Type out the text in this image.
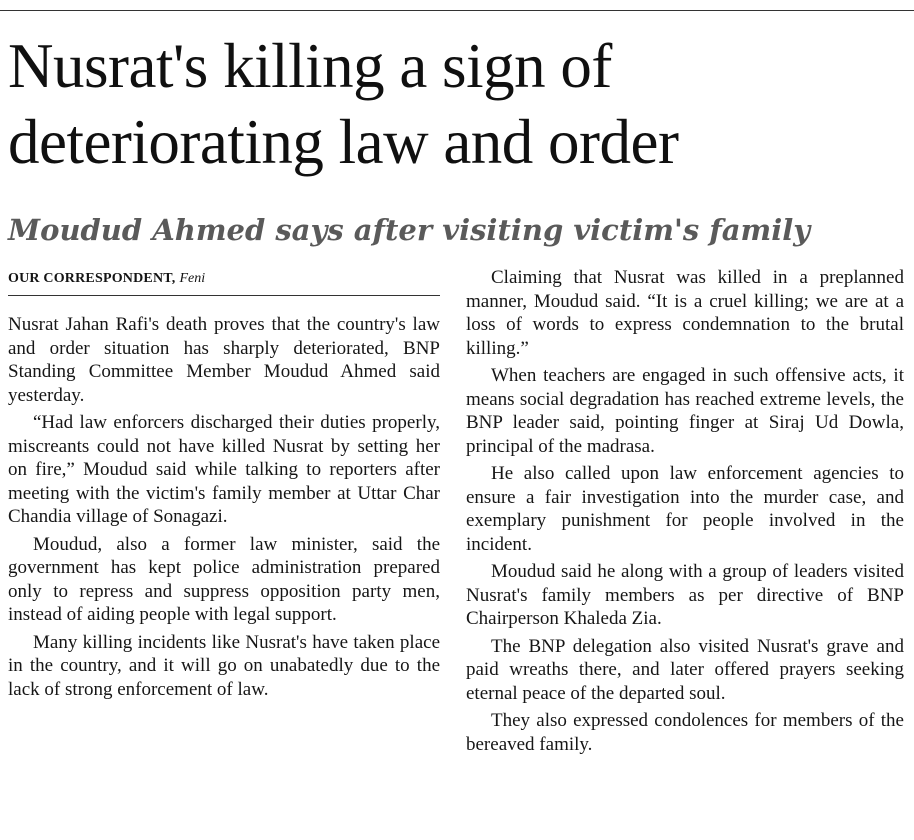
Nusrat's killing a sign of deteriorating law and order
Moudud Ahmed says after visiting victim's family
OUR CORRESPONDENT, Feni

Nusrat Jahan Rafi's death proves that the country's law and order situation has sharply deteriorated, BNP Standing Committee Member Moudud Ahmed said yesterday.

“Had law enforcers discharged their duties properly, miscreants could not have killed Nusrat by setting her on fire,” Moudud said while talking to reporters after meeting with the victim's family member at Uttar Char Chandia village of Sonagazi.

Moudud, also a former law minister, said the government has kept police administration prepared only to repress and suppress opposition party men, instead of aiding people with legal support.

Many killing incidents like Nusrat's have taken place in the country, and it will go on unabatedly due to the lack of strong enforcement of law.

Claiming that Nusrat was killed in a preplanned manner, Moudud said. “It is a cruel killing; we are at a loss of words to express condemnation to the brutal killing.”

When teachers are engaged in such offensive acts, it means social degradation has reached extreme levels, the BNP leader said, pointing finger at Siraj Ud Dowla, principal of the madrasa.

He also called upon law enforcement agencies to ensure a fair investigation into the murder case, and exemplary punishment for people involved in the incident.

Moudud said he along with a group of leaders visited Nusrat's family members as per directive of BNP Chairperson Khaleda Zia.

The BNP delegation also visited Nusrat's grave and paid wreaths there, and later offered prayers seeking eternal peace of the departed soul.

They also expressed condolences for members of the bereaved family.
